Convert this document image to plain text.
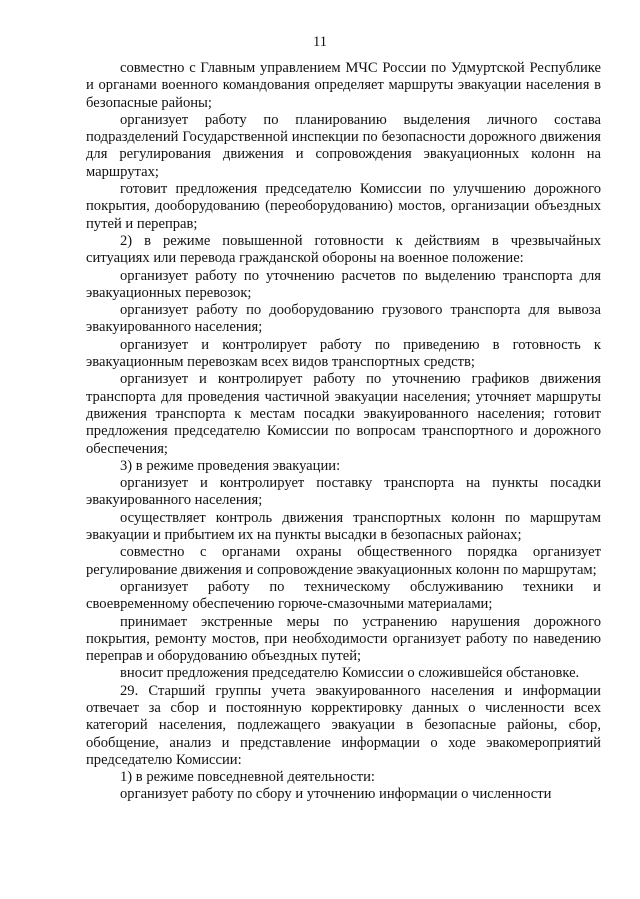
11

совместно с Главным управлением МЧС России по Удмуртской Республике и органами военного командования определяет маршруты эвакуации населения в безопасные районы;

организует работу по планированию выделения личного состава подразделений Государственной инспекции по безопасности дорожного движения для регулирования движения и сопровождения эвакуационных колонн на маршрутах;

готовит предложения председателю Комиссии по улучшению дорожного покрытия, дооборудованию (переоборудованию) мостов, организации объездных путей и переправ;

2) в режиме повышенной готовности к действиям в чрезвычайных ситуациях или перевода гражданской обороны на военное положение:

организует работу по уточнению расчетов по выделению транспорта для эвакуационных перевозок;

организует работу по дооборудованию грузового транспорта для вывоза эвакуированного населения;

организует и контролирует работу по приведению в готовность к эвакуационным перевозкам всех видов транспортных средств;

организует и контролирует работу по уточнению графиков движения транспорта для проведения частичной эвакуации населения; уточняет маршруты движения транспорта к местам посадки эвакуированного населения; готовит предложения председателю Комиссии по вопросам транспортного и дорожного обеспечения;

3) в режиме проведения эвакуации:

организует и контролирует поставку транспорта на пункты посадки эвакуированного населения;

осуществляет контроль движения транспортных колонн по маршрутам эвакуации и прибытием их на пункты высадки в безопасных районах;

совместно с органами охраны общественного порядка организует регулирование движения и сопровождение эвакуационных колонн по маршрутам;

организует работу по техническому обслуживанию техники и своевременному обеспечению горюче-смазочными материалами;

принимает экстренные меры по устранению нарушения дорожного покрытия, ремонту мостов, при необходимости организует работу по наведению переправ и оборудованию объездных путей;

вносит предложения председателю Комиссии о сложившейся обстановке.

29. Старший группы учета эвакуированного населения и информации отвечает за сбор и постоянную корректировку данных о численности всех категорий населения, подлежащего эвакуации в безопасные районы, сбор, обобщение, анализ и представление информации о ходе эвакомероприятий председателю Комиссии:

1) в режиме повседневной деятельности:

организует работу по сбору и уточнению информации о численности
